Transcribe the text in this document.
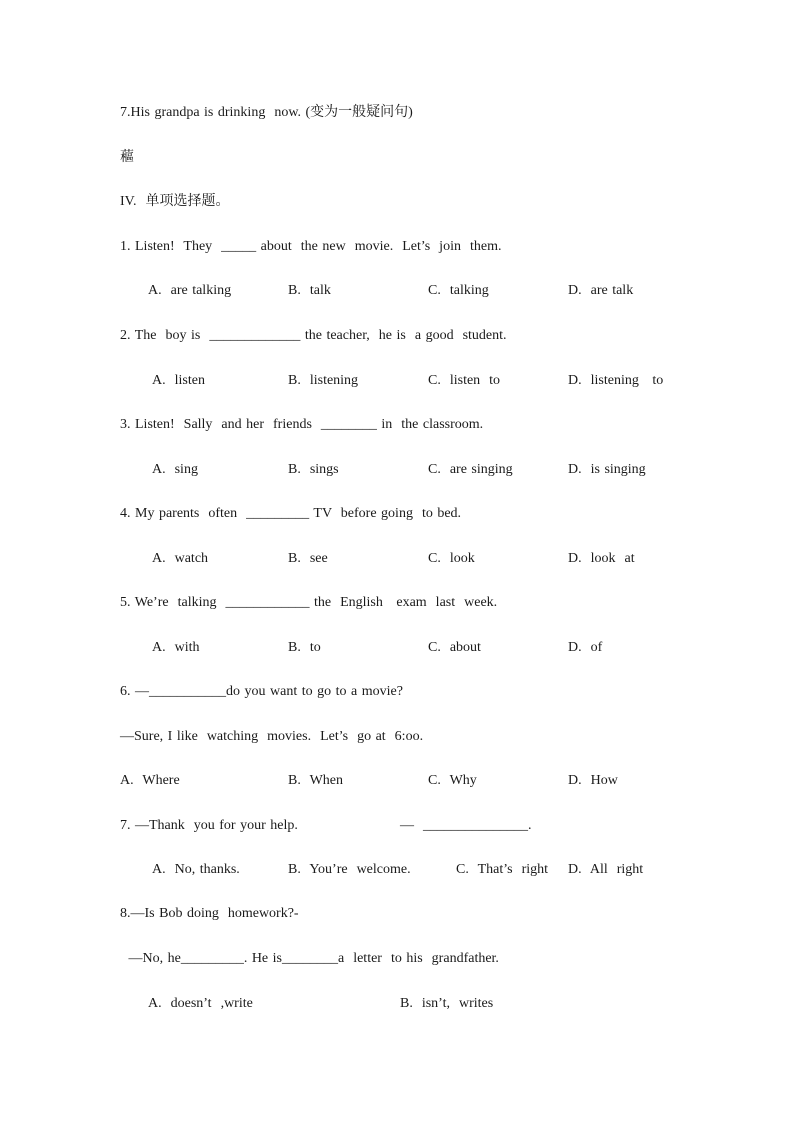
7.His grandpa is drinking  now. (变为一般疑问句)
藲
IV.  单项选择题。
1. Listen!  They  _____ about  the new  movie.  Let’s  join  them.
A.  are talking	B.  talk	C.  talking	D.  are talk
2. The  boy is  _____________ the teacher,  he is  a good  student.
A.  listen	B.  listening	C.  listen  to	D.  listening   to
3. Listen!  Sally  and her  friends  ________ in  the classroom.
A.  sing	B.  sings	C.  are singing	D.  is singing
4. My parents  often  _________ TV  before going  to bed.
A.  watch	B.  see	C.  look	D.  look  at
5. We’re  talking  ____________ the  English   exam  last  week.
A.  with	B.  to	C.  about	D.  of
6. —___________do you want to go to a movie?
—Sure, I like  watching  movies.  Let’s  go at  6:oo.
A.  Where	B.  When	C.  Why	D.  How
7. —Thank  you for your help.	—  _______________.
A.  No, thanks.	B.  You’re  welcome.	C.  That’s  right D.  All  right
8.—Is Bob doing  homework?-
—No, he_________. He is________a  letter  to his  grandfather.
A.  doesn’t  ,write	B.  isn’t,  writes
